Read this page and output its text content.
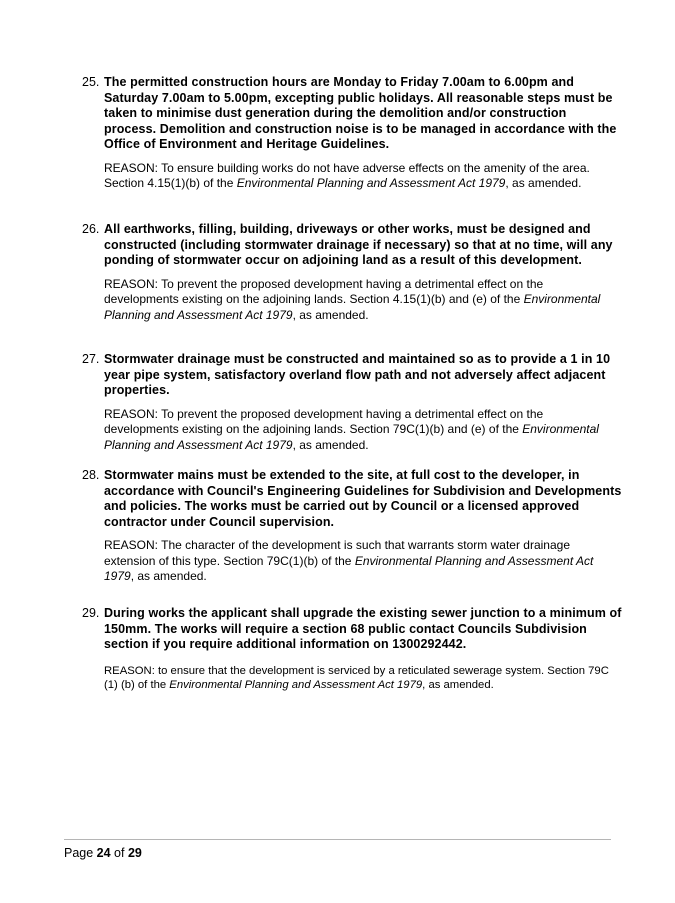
25. The permitted construction hours are Monday to Friday 7.00am to 6.00pm and Saturday 7.00am to 5.00pm, excepting public holidays. All reasonable steps must be taken to minimise dust generation during the demolition and/or construction process. Demolition and construction noise is to be managed in accordance with the Office of Environment and Heritage Guidelines.
REASON: To ensure building works do not have adverse effects on the amenity of the area. Section 4.15(1)(b) of the Environmental Planning and Assessment Act 1979, as amended.
26. All earthworks, filling, building, driveways or other works, must be designed and constructed (including stormwater drainage if necessary) so that at no time, will any ponding of stormwater occur on adjoining land as a result of this development.
REASON: To prevent the proposed development having a detrimental effect on the developments existing on the adjoining lands. Section 4.15(1)(b) and (e) of the Environmental Planning and Assessment Act 1979, as amended.
27. Stormwater drainage must be constructed and maintained so as to provide a 1 in 10 year pipe system, satisfactory overland flow path and not adversely affect adjacent properties.
REASON: To prevent the proposed development having a detrimental effect on the developments existing on the adjoining lands. Section 79C(1)(b) and (e) of the Environmental Planning and Assessment Act 1979, as amended.
28. Stormwater mains must be extended to the site, at full cost to the developer, in accordance with Council's Engineering Guidelines for Subdivision and Developments and policies. The works must be carried out by Council or a licensed approved contractor under Council supervision.
REASON: The character of the development is such that warrants storm water drainage extension of this type. Section 79C(1)(b) of the Environmental Planning and Assessment Act 1979, as amended.
29. During works the applicant shall upgrade the existing sewer junction to a minimum of 150mm. The works will require a section 68 public contact Councils Subdivision section if you require additional information on 1300292442.
REASON: to ensure that the development is serviced by a reticulated sewerage system. Section 79C (1) (b) of the Environmental Planning and Assessment Act 1979, as amended.
Page 24 of 29
